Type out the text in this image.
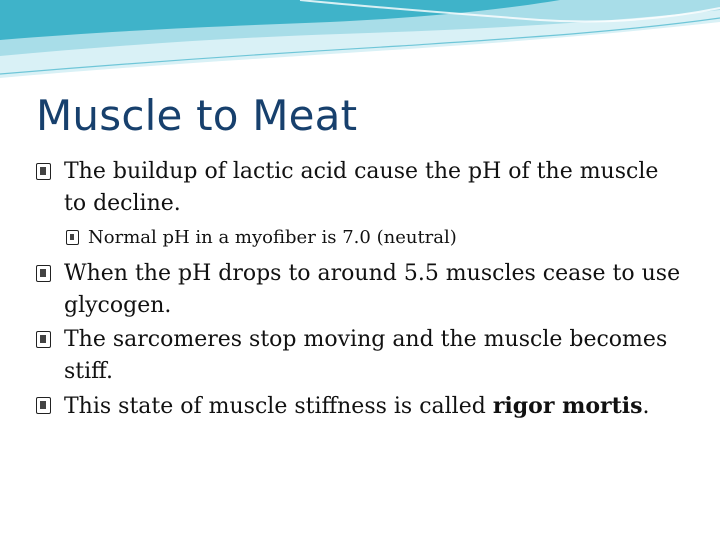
Muscle to Meat
The buildup of lactic acid cause the pH of the muscle to decline.
Normal pH in a myofiber is 7.0 (neutral)
When the pH drops to around 5.5 muscles cease to use glycogen.
The sarcomeres stop moving and the muscle becomes stiff.
This state of muscle stiffness is called rigor mortis.
